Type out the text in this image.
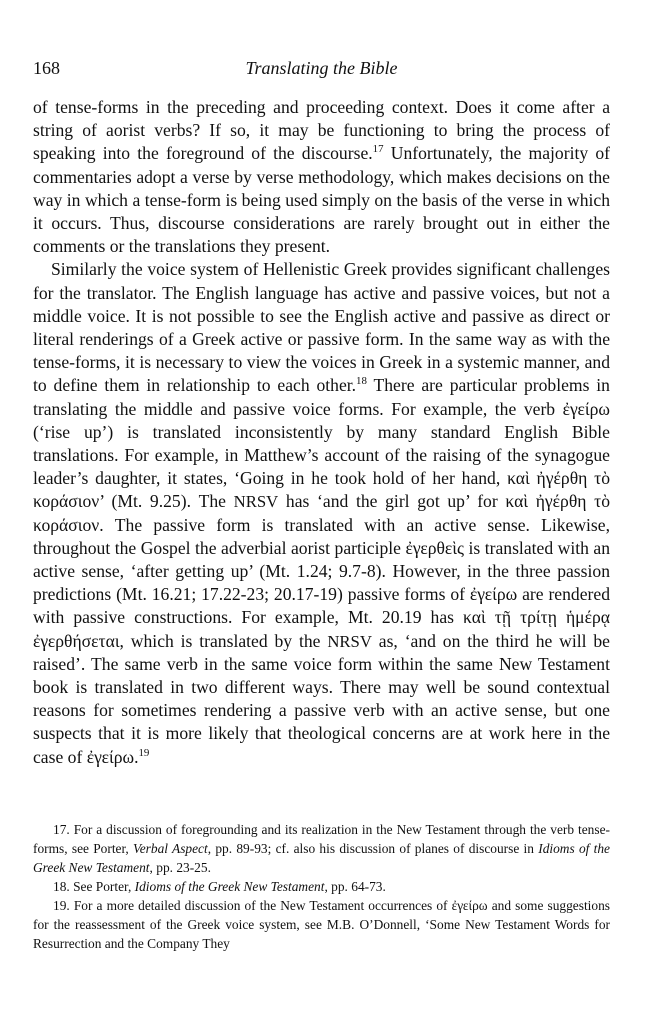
168	Translating the Bible

of tense-forms in the preceding and proceeding context. Does it come after a string of aorist verbs? If so, it may be functioning to bring the process of speaking into the foreground of the discourse.$^{17}$ Unfortunately, the majority of commentaries adopt a verse by verse methodology, which makes decisions on the way in which a tense-form is being used simply on the basis of the verse in which it occurs. Thus, discourse considerations are rarely brought out in either the comments or the translations they present.

Similarly the voice system of Hellenistic Greek provides significant challenges for the translator. The English language has active and passive voices, but not a middle voice. It is not possible to see the English active and passive as direct or literal renderings of a Greek active or passive form. In the same way as with the tense-forms, it is necessary to view the voices in Greek in a systemic manner, and to define them in relationship to each other.$^{18}$ There are particular problems in translating the middle and passive voice forms. For example, the verb ἐγείρω (‘rise up’) is translated inconsistently by many standard English Bible translations. For example, in Matthew’s account of the raising of the synagogue leader’s daughter, it states, ‘Going in he took hold of her hand, καὶ ἠγέρθη τὸ κοράσιον’ (Mt. 9.25). The NRSV has ‘and the girl got up’ for καὶ ἠγέρθη τὸ κοράσιον. The passive form is translated with an active sense. Likewise, throughout the Gospel the adverbial aorist participle ἐγερθεὶς is translated with an active sense, ‘after getting up’ (Mt. 1.24; 9.7-8). However, in the three passion predictions (Mt. 16.21; 17.22-23; 20.17-19) passive forms of ἐγείρω are rendered with passive constructions. For example, Mt. 20.19 has καὶ τῇ τρίτῃ ἡμέρᾳ ἐγερθήσεται, which is translated by the NRSV as, ‘and on the third he will be raised’. The same verb in the same voice form within the same New Testament book is translated in two different ways. There may well be sound contextual reasons for sometimes rendering a passive verb with an active sense, but one suspects that it is more likely that theological concerns are at work here in the case of ἐγείρω.$^{19}$

17. For a discussion of foregrounding and its realization in the New Testament through the verb tense-forms, see Porter, Verbal Aspect, pp. 89-93; cf. also his discussion of planes of discourse in Idioms of the Greek New Testament, pp. 23-25.

18. See Porter, Idioms of the Greek New Testament, pp. 64-73.

19. For a more detailed discussion of the New Testament occurrences of ἐγείρω and some suggestions for the reassessment of the Greek voice system, see M.B. O’Donnell, ‘Some New Testament Words for Resurrection and the Company They
